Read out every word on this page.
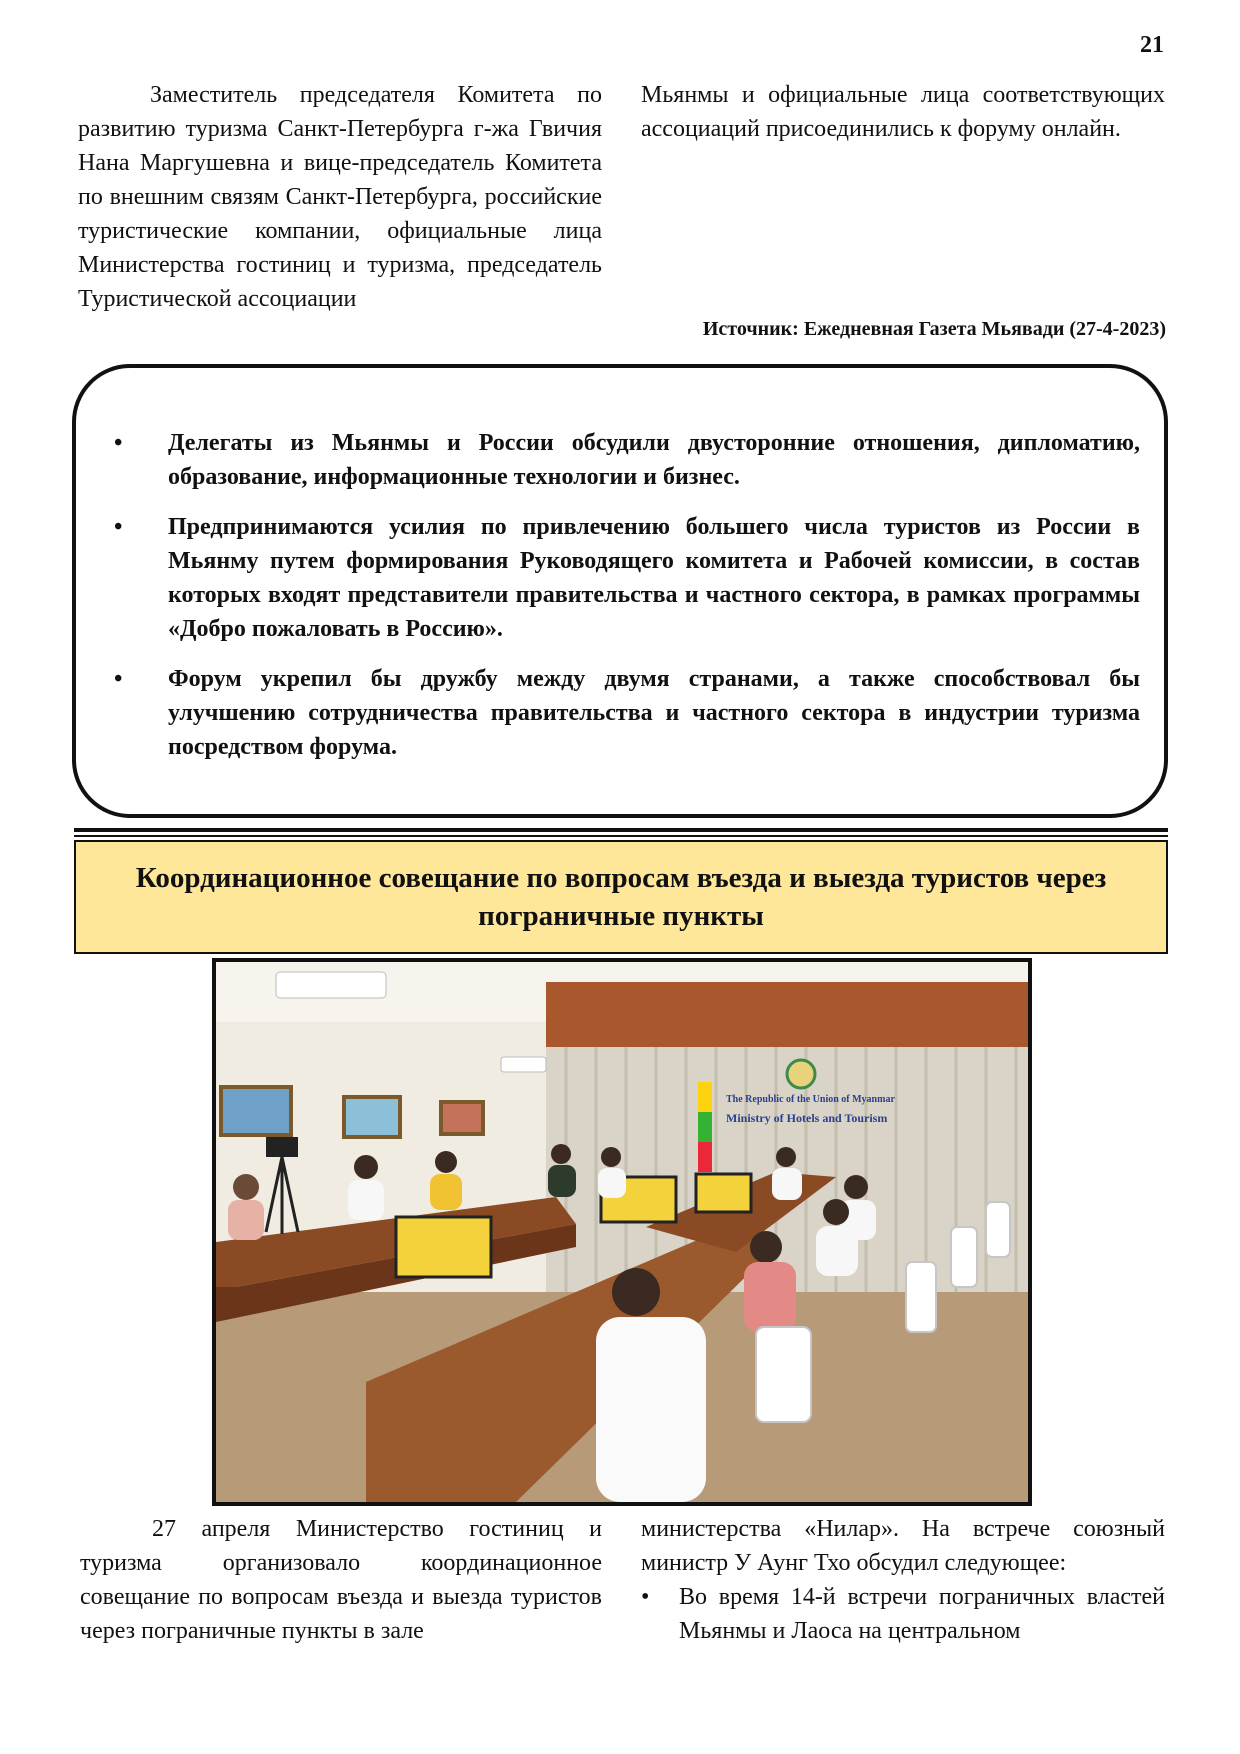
21

Заместитель председателя Комитета по развитию туризма Санкт-Петербурга г-жа Гвичия Нана Маргушевна и вице-председатель Комитета по внешним связям Санкт-Петербурга, российские туристические компании, официальные лица Министерства гостиниц и туризма, председатель Туристической ассоциации

Мьянмы и официальные лица соответствующих ассоциаций присоединились к форуму онлайн.

Источник: Ежедневная Газета Мьявади (27-4-2023)
• Делегаты из Мьянмы и России обсудили двусторонние отношения, дипломатию, образование, информационные технологии и бизнес.
• Предпринимаются усилия по привлечению большего числа туристов из России в Мьянму путем формирования Руководящего комитета и Рабочей комиссии, в состав которых входят представители правительства и частного сектора, в рамках программы «Добро пожаловать в Россию».
• Форум укрепил бы дружбу между двумя странами, а также способствовал бы улучшению сотрудничества правительства и частного сектора в индустрии туризма посредством форума.
Координационное совещание по вопросам въезда и выезда туристов через пограничные пункты
The Republic of the Union of Myanmar
Ministry of Hotels and Tourism

27 апреля Министерство гостиниц и туризма организовало координационное совещание по вопросам въезда и выезда туристов через пограничные пункты в зале

министерства «Нилар». На встрече союзный министр У Аунг Тхо обсудил следующее:

• Во время 14-й встречи пограничных властей Мьянмы и Лаоса на центральном
